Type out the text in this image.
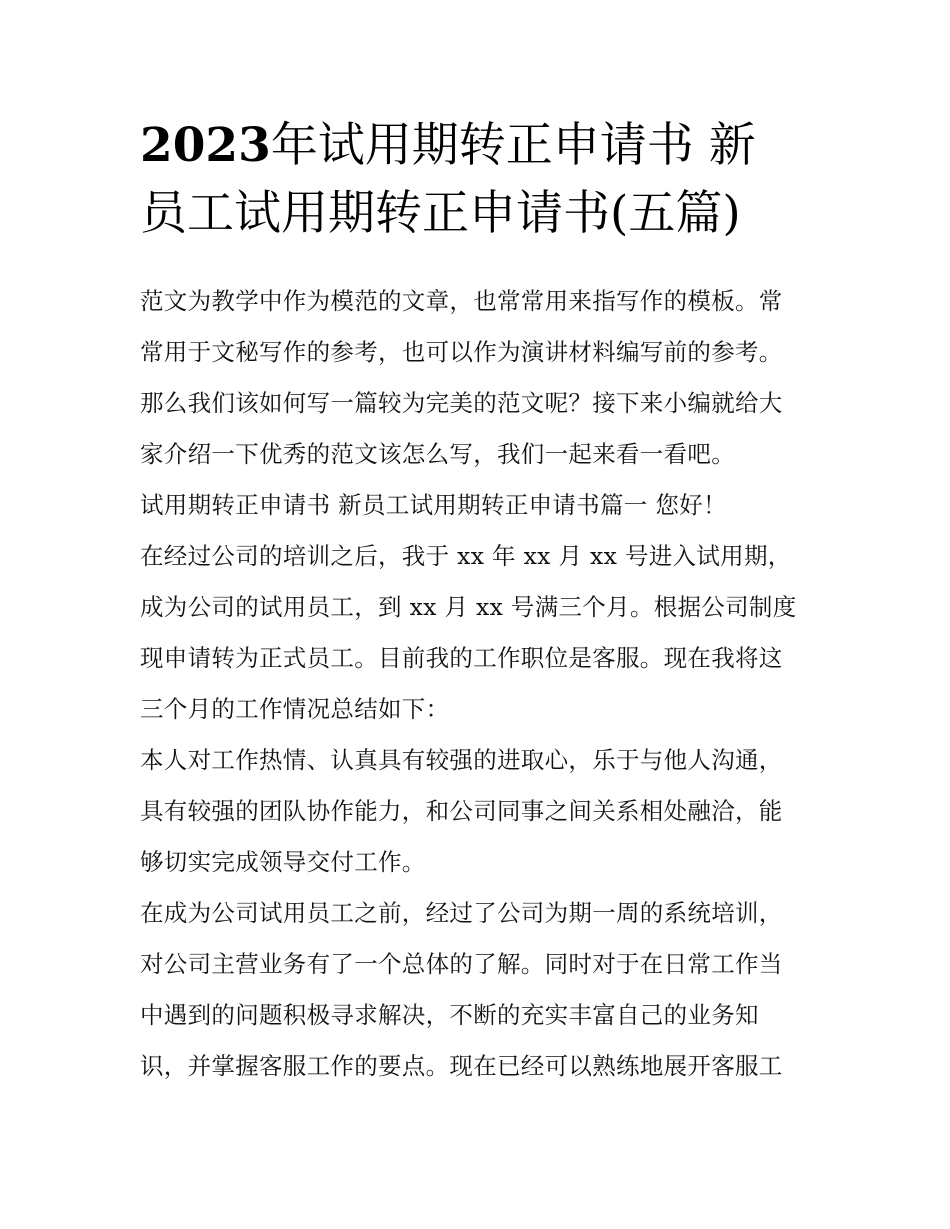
2023年试用期转正申请书 新
员工试用期转正申请书(五篇)

范文为教学中作为模范的文章，也常常用来指写作的模板。常

常用于文秘写作的参考，也可以作为演讲材料编写前的参考。

那么我们该如何写一篇较为完美的范文呢？接下来小编就给大

家介绍一下优秀的范文该怎么写，我们一起来看一看吧。

试用期转正申请书 新员工试用期转正申请书篇一 您好！

在经过公司的培训之后，我于 xx 年 xx 月 xx 号进入试用期，

成为公司的试用员工，到 xx 月 xx 号满三个月。根据公司制度

现申请转为正式员工。目前我的工作职位是客服。现在我将这

三个月的工作情况总结如下：

本人对工作热情、认真具有较强的进取心，乐于与他人沟通，

具有较强的团队协作能力，和公司同事之间关系相处融洽，能

够切实完成领导交付工作。

在成为公司试用员工之前，经过了公司为期一周的系统培训，

对公司主营业务有了一个总体的了解。同时对于在日常工作当

中遇到的问题积极寻求解决，不断的充实丰富自己的业务知

识，并掌握客服工作的要点。现在已经可以熟练地展开客服工
